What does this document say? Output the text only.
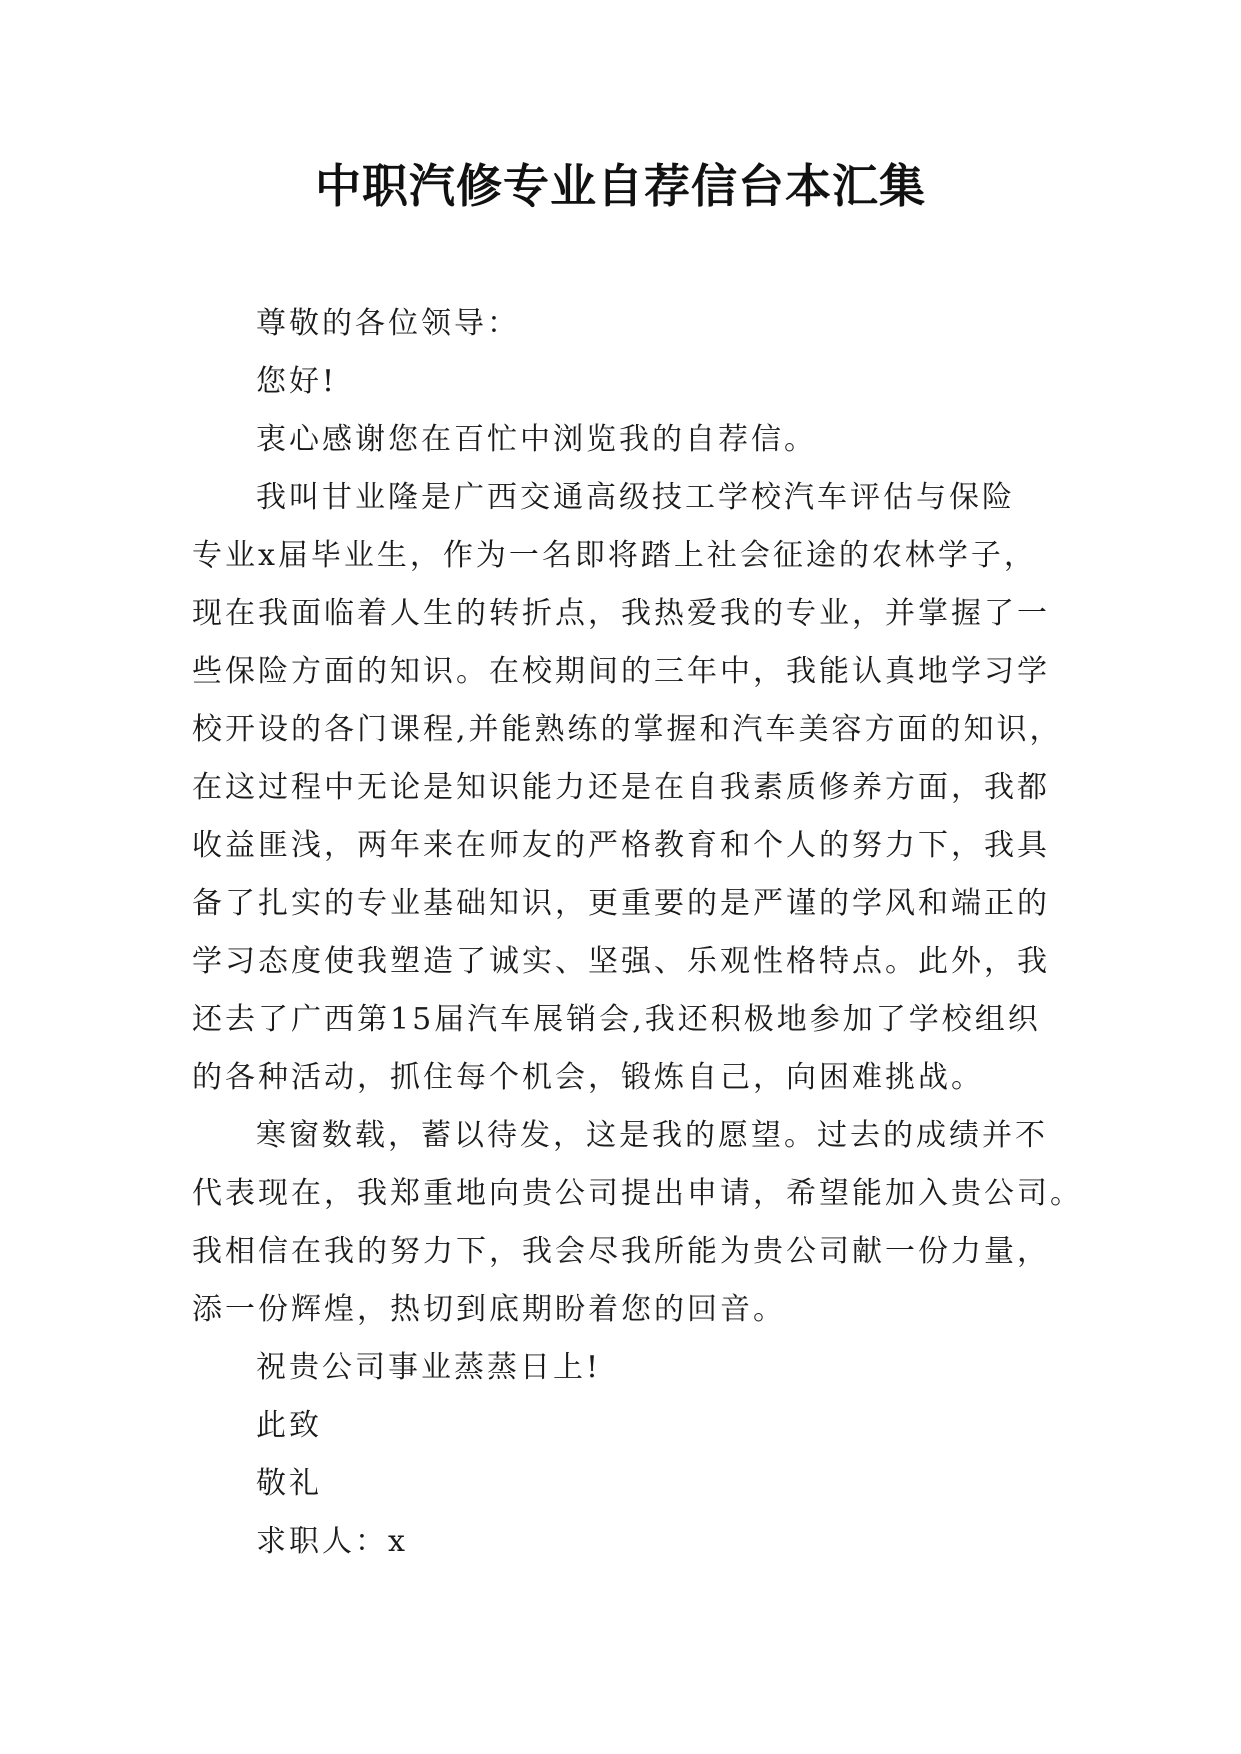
中职汽修专业自荐信台本汇集

尊敬的各位领导：

您好!

衷心感谢您在百忙中浏览我的自荐信。

我叫甘业隆是广西交通高级技工学校汽车评估与保险

专业x届毕业生，作为一名即将踏上社会征途的农林学子，

现在我面临着人生的转折点，我热爱我的专业，并掌握了一

些保险方面的知识。在校期间的三年中，我能认真地学习学

校开设的各门课程,并能熟练的掌握和汽车美容方面的知识，

在这过程中无论是知识能力还是在自我素质修养方面，我都

收益匪浅，两年来在师友的严格教育和个人的努力下，我具

备了扎实的专业基础知识，更重要的是严谨的学风和端正的

学习态度使我塑造了诚实、坚强、乐观性格特点。此外，我

还去了广西第15届汽车展销会,我还积极地参加了学校组织

的各种活动，抓住每个机会，锻炼自己，向困难挑战。

寒窗数载，蓄以待发，这是我的愿望。过去的成绩并不

代表现在，我郑重地向贵公司提出申请，希望能加入贵公司。

我相信在我的努力下，我会尽我所能为贵公司献一份力量，

添一份辉煌，热切到底期盼着您的回音。

祝贵公司事业蒸蒸日上!

此致

敬礼

求职人：x
